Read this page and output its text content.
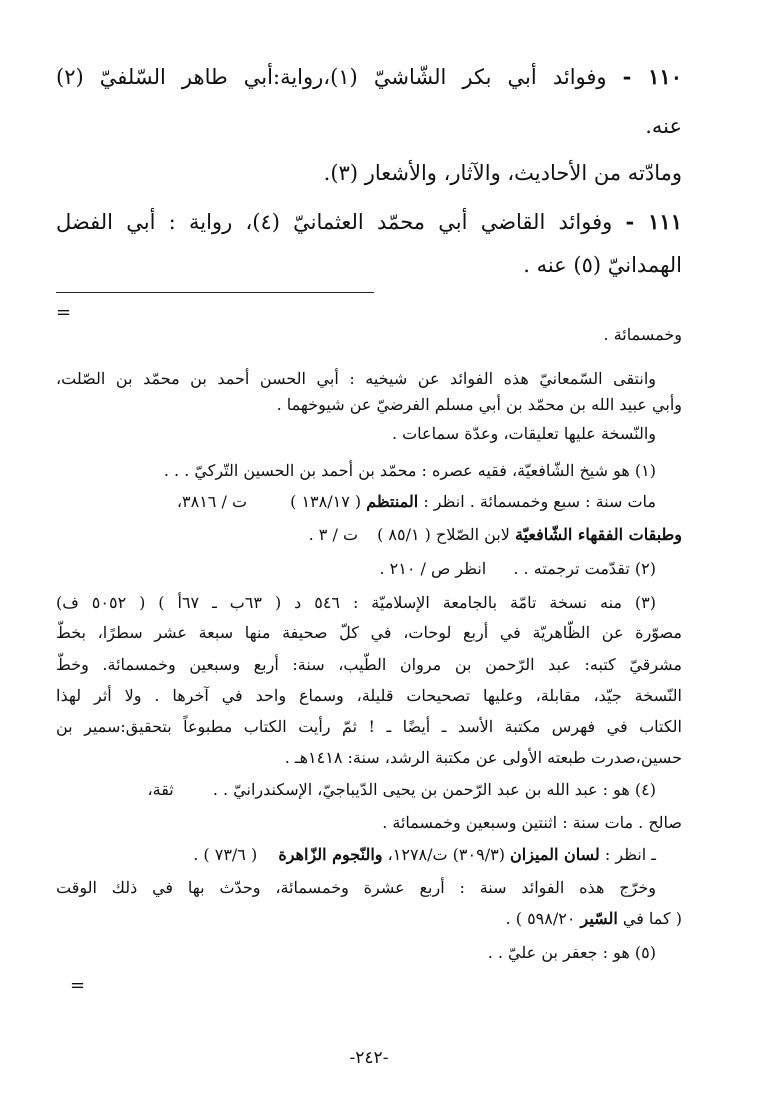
١١٠ - وفوائد أبي بكر الشّاشيّ (١)،رواية:أبي طاهر السّلفيّ (٢)
عنه.
ومادّته من الأحاديث، والآثار، والأشعار (٣).
١١١ - وفوائد القاضي أبي محمّد العثمانيّ (٤)، رواية : أبي الفضل
الهمدانيّ (٥) عنه .
=
وخمسمائة .
وانتقى السّمعانيّ هذه الفوائد عن شيخيه : أبي الحسن أحمد بن محمّد بن الصّلت،
وأبي عبيد الله بن محمّد بن أبي مسلم الفرضيّ عن شيوخهما .
والنّسخة عليها تعليقات، وعدّة سماعات .
(١) هو شيخ الشّافعيّة، فقيه عصره : محمّد بن أحمد بن الحسين التّركيّ . . .
مات سنة : سبع وخمسمائة . انظر : المنتظم ( ١٣٨/١٧ ) ت / ٣٨١٦،
وطبقات الفقهاء الشّافعيّة لابن الصّلاح ( ٨٥/١ ) ت / ٣ .
(٢) تقدّمت ترجمته . . انظر ص / ٢١٠ .
(٣) منه نسخة تامّة بالجامعة الإسلاميّة : ٥٤٦ د ( ٦٣ب ـ ٦٧أ ) ( ٥٠٥٢ ف)
مصوّرة عن الظّاهريّة في أربع لوحات، في كلّ صحيفة منها سبعة عشر سطرًا، بخطّ
مشرقيّ كتبه: عبد الرّحمن بن مروان الطّيب، سنة: أربع وسبعين وخمسمائة. وخطّ
النّسخة جيّد، مقابلة، وعليها تصحيحات قليلة، وسماع واحد في آخرها . ولا أثر لهذا
الكتاب في فهرس مكتبة الأسد ـ أيضًا ـ ! ثمّ رأيت الكتاب مطبوعاً بتحقيق:سمير بن
حسين،صدرت طبعته الأولى عن مكتبة الرشد، سنة: ١٤١٨هـ .
(٤) هو : عبد الله بن عبد الرّحمن بن يحيى الدّيباجيّ، الإسكندرانيّ . . ثقة،
صالح . مات سنة : اثنتين وسبعين وخمسمائة .
ـ انظر : لسان الميزان (٣٠٩/٣) ت/١٢٧٨، والنّجوم الزّاهرة ( ٧٣/٦ ) .
وخرّج هذه الفوائد سنة : أربع عشرة وخمسمائة، وحدّث بها في ذلك الوقت
( كما في السّير ٥٩٨/٢٠ ) .
(٥) هو : جعفر بن عليّ . .
=
-٢٤٢-
